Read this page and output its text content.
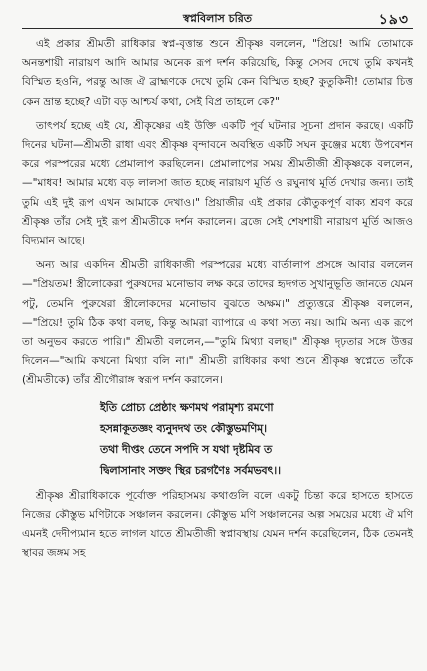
স্বপ্নবিলাস চরিত	১৯৩

এই প্রকার শ্রীমতী রাধিকার স্বপ্ন-বৃত্তান্ত শুনে শ্রীকৃষ্ণ বললেন, "প্রিয়ে! আমি তোমাকে অনন্তশায়ী নারায়ণ আদি আমার অনেক রূপ দর্শন করিয়েছি, কিন্তু সেসব দেখে তুমি কখনই বিস্মিত হওনি, পরন্তু আজ ঐ ব্রাহ্মণকে দেখে তুমি কেন বিস্মিত হচ্ছ? কুতুকিনী! তোমার চিত্ত কেন ভ্রান্ত হচ্ছে? এটা বড় আশ্চর্য কথা, সেই বিপ্র তাহলে কে?"

তাৎপর্য হচ্ছে এই যে, শ্রীকৃষ্ণের এই উক্তি একটি পূর্ব ঘটনার সূচনা প্রদান করছে। একটি দিনের ঘটনা—শ্রীমতী রাধা এবং শ্রীকৃষ্ণ বৃন্দাবনে অবস্থিত একটি সঘন কুঞ্জের মধ্যে উপবেশন করে পরস্পরের মধ্যে প্রেমালাপ করছিলেন। প্রেমালাপের সময় শ্রীমতীজী শ্রীকৃষ্ণকে বললেন,—"মাধব! আমার মধ্যে বড় লালসা জাত হচ্ছে নারায়ণ মূর্তি ও রঘুনাথ মূর্তি দেখার জন্য। তাই তুমি এই দুই রূপ এখন আমাকে দেখাও।" প্রিয়াজীর এই প্রকার কৌতুকপূর্ণ বাক্য শ্রবণ করে শ্রীকৃষ্ণ তাঁর সেই দুই রূপ শ্রীমতীকে দর্শন করালেন। ব্রজে সেই শেষশায়ী নারায়ণ মূর্তি আজও বিদ্যমান আছে।

অন্য আর একদিন শ্রীমতী রাধিকাজী পরস্পরের মধ্যে বার্তালাপ প্রসঙ্গে আবার বললেন—"প্রিয়তম! স্ত্রীলোকেরা পুরুষদের মনোভাব লক্ষ করে তাদের হৃদগত সুখানুভূতি জানতে যেমন পটু, তেমনি পুরুষেরা স্ত্রীলোকদের মনোভাব বুঝতে অক্ষম।" প্রত্যুত্তরে শ্রীকৃষ্ণ বললেন,—"প্রিয়ে! তুমি ঠিক কথা বলছ, কিন্তু আমরা ব্যাপারে এ কথা সত্য নয়। আমি অন্য এক রূপে তা অনুভব করতে পারি।" শ্রীমতী বললেন,—"তুমি মিথ্যা বলছ।" শ্রীকৃষ্ণ দৃঢ়তার সঙ্গে উত্তর দিলেন—"আমি কখনো মিথ্যা বলি না।" শ্রীমতী রাধিকার কথা শুনে শ্রীকৃষ্ণ স্বপ্নেতে তাঁকে (শ্রীমতীকে) তাঁর শ্রীগৌরাঙ্গ স্বরূপ দর্শন করালেন।

ইতি প্রোচ্য প্রেষ্ঠাং ক্ষণমথ পরামৃশ্য রমণো
হসন্নাকূতজ্ঞং ব্যনুদদথ তং কৌস্তুভমণিম্।
তথা দীপ্তং তেনে সপদি স যথা দৃষ্টমিব ত
দ্বিলাসানাং সক্তং স্থির চরগণৈঃ সর্বমভবৎ।।

শ্রীকৃষ্ণ শ্রীরাধিকাকে পূর্বোক্ত পরিহাসময় কথাগুলি বলে একটু চিন্তা করে হাসতে হাসতে নিজের কৌস্তুভ মণিটাকে সঞ্চালন করলেন। কৌস্তুভ মণি সঞ্চালনের অল্প সময়ের মধ্যে ঐ মণি এমনই দেদীপ্যমান হতে লাগল যাতে শ্রীমতীজী স্বপ্নাবস্থায় যেমন দর্শন করেছিলেন, ঠিক তেমনই স্থাবর জঙ্গম সহ
